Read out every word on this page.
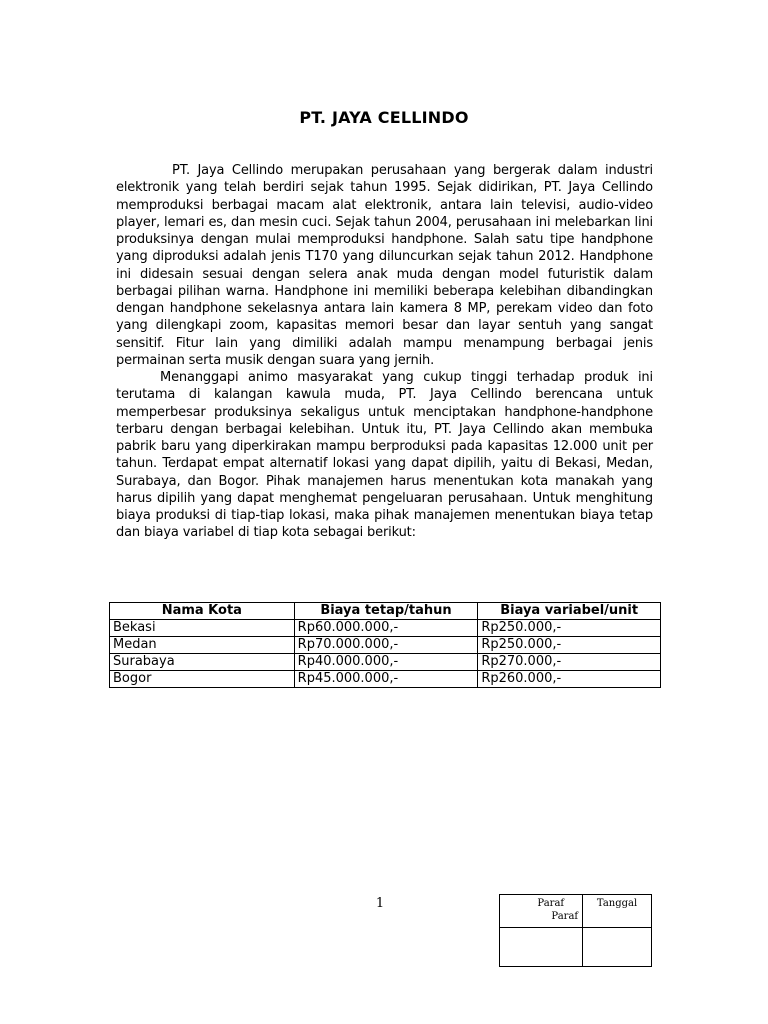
PT. JAYA CELLINDO

PT. Jaya Cellindo merupakan perusahaan yang bergerak dalam industri elektronik yang telah berdiri sejak tahun 1995. Sejak didirikan, PT. Jaya Cellindo memproduksi berbagai macam alat elektronik, antara lain televisi, audio-video player, lemari es, dan mesin cuci. Sejak tahun 2004, perusahaan ini melebarkan lini produksinya dengan mulai memproduksi handphone. Salah satu tipe handphone yang diproduksi adalah jenis T170 yang diluncurkan sejak tahun 2012. Handphone ini didesain sesuai dengan selera anak muda dengan model futuristik dalam berbagai pilihan warna. Handphone ini memiliki beberapa kelebihan dibandingkan dengan handphone sekelasnya antara lain kamera 8 MP, perekam video dan foto yang dilengkapi zoom, kapasitas memori besar dan layar sentuh yang sangat sensitif. Fitur lain yang dimiliki adalah mampu menampung berbagai jenis permainan serta musik dengan suara yang jernih.

Menanggapi animo masyarakat yang cukup tinggi terhadap produk ini terutama di kalangan kawula muda, PT. Jaya Cellindo berencana untuk memperbesar produksinya sekaligus untuk menciptakan handphone-handphone terbaru dengan berbagai kelebihan. Untuk itu, PT. Jaya Cellindo akan membuka pabrik baru yang diperkirakan mampu berproduksi pada kapasitas 12.000 unit per tahun. Terdapat empat alternatif lokasi yang dapat dipilih, yaitu di Bekasi, Medan, Surabaya, dan Bogor. Pihak manajemen harus menentukan kota manakah yang harus dipilih yang dapat menghemat pengeluaran perusahaan. Untuk menghitung biaya produksi di tiap-tiap lokasi, maka pihak manajemen menentukan biaya tetap dan biaya variabel di tiap kota sebagai berikut:

Nama Kota	Biaya tetap/tahun	Biaya variabel/unit
Bekasi	Rp60.000.000,-	Rp250.000,-
Medan	Rp70.000.000,-	Rp250.000,-
Surabaya	Rp40.000.000,-	Rp270.000,-
Bogor	Rp45.000.000,-	Rp260.000,-
1	Paraf
Paraf	Tanggal
